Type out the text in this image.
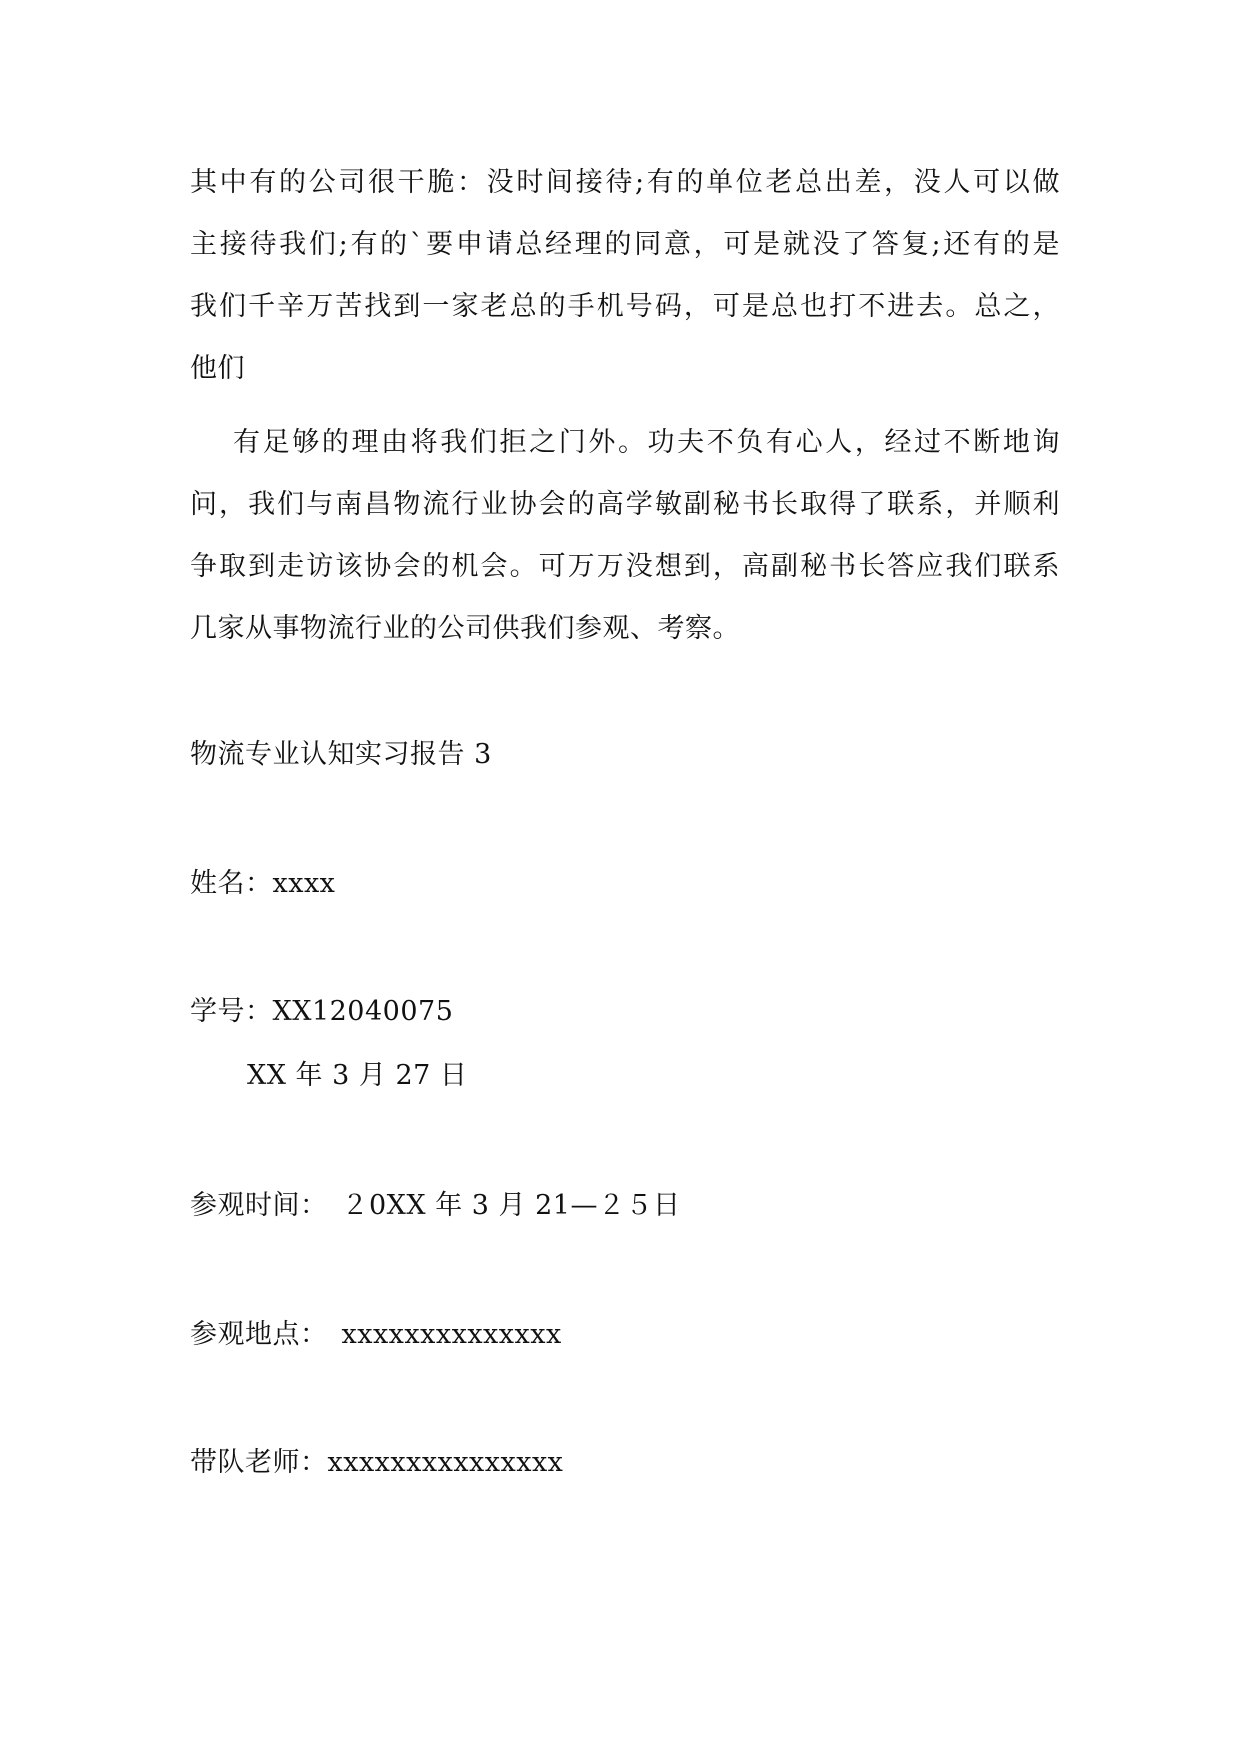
其中有的公司很干脆：没时间接待;有的单位老总出差，没人可以做
主接待我们;有的`要申请总经理的同意，可是就没了答复;还有的是
我们千辛万苦找到一家老总的手机号码，可是总也打不进去。总之，
他们
有足够的理由将我们拒之门外。功夫不负有心人，经过不断地询
问，我们与南昌物流行业协会的高学敏副秘书长取得了联系，并顺利
争取到走访该协会的机会。可万万没想到，高副秘书长答应我们联系
几家从事物流行业的公司供我们参观、考察。
物流专业认知实习报告 3
姓名：xxxx
学号：XX12040075
XX 年 3 月 27 日
参观时间：　２0XX 年 3 月 21—２５日
参观地点：　xxxxxxxxxxxxxx
带队老师：xxxxxxxxxxxxxxx
